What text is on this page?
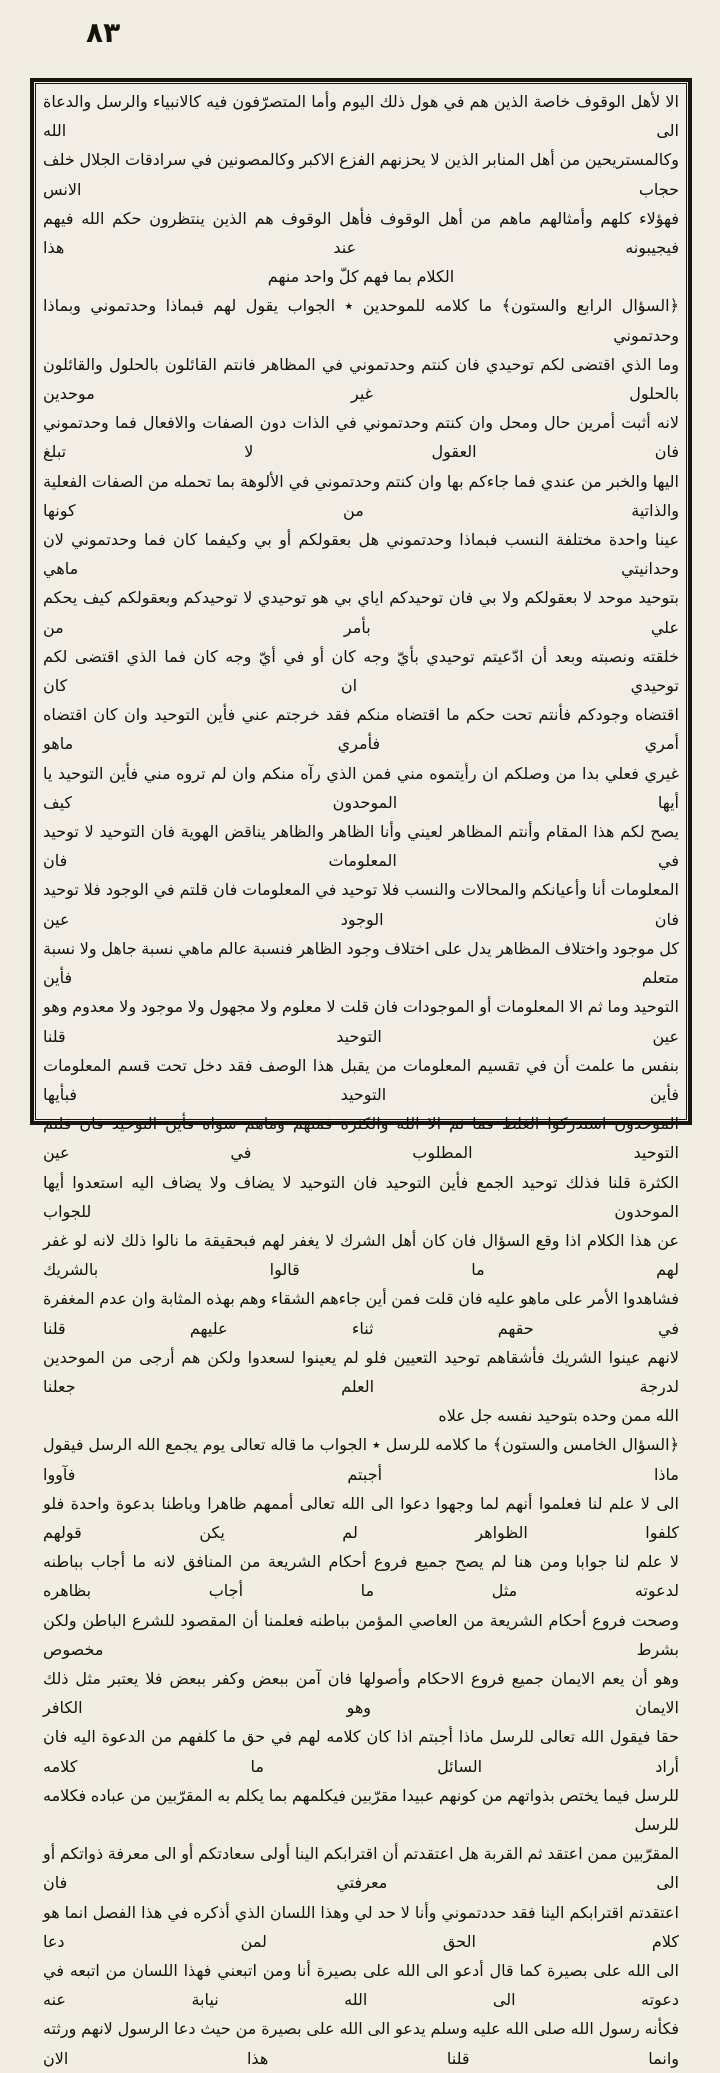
٨٣
الا لأهل الوقوف خاصة الذين هم في هول ذلك اليوم وأما المتصرّفون فيه كالانبياء والرسل والدعاة الى الله
وكالمستريحين من أهل المنابر الذين لا يحزنهم الفزع الاكبر وكالمصونين في سرادقات الجلال خلف حجاب الانس
فهؤلاء كلهم وأمثالهم ماهم من أهل الوقوف فأهل الوقوف هم الذين ينتظرون حكم الله فيهم فيجيبونه عند هذا
الكلام بما فهم كلّ واحد منهم
﴿السؤال الرابع والستون﴾ ما كلامه للموحدين ٭ الجواب يقول لهم فبماذا وحدتموني وبماذا وحدتموني
وما الذي اقتضى لكم توحيدي فان كنتم وحدتموني في المظاهر فانتم القائلون بالحلول والقائلون بالحلول غير موحدين
لانه أثبت أمرين حال ومحل وان كنتم وحدتموني في الذات دون الصفات والافعال فما وحدتموني فان العقول لا تبلغ
اليها والخبر من عندي فما جاءكم بها وان كنتم وحدتموني في الألوهة بما تحمله من الصفات الفعلية والذاتية من كونها
عينا واحدة مختلفة النسب فبماذا وحدتموني هل بعقولكم أو بي وكيفما كان فما وحدتموني لان وحدانيتي ماهي
بتوحيد موحد لا بعقولكم ولا بي فان توحيدكم اياي بي هو توحيدي لا توحيدكم وبعقولكم كيف يحكم علي بأمر من
خلقته ونصبته وبعد أن ادّعيتم توحيدي بأيّ وجه كان أو في أيّ وجه كان فما الذي اقتضى لكم توحيدي ان كان
اقتضاه وجودكم فأنتم تحت حكم ما اقتضاه منكم فقد خرجتم عني فأين التوحيد وان كان اقتضاه أمري فأمري ماهو
غيري فعلي بدا من وصلكم ان رأيتموه مني فمن الذي رآه منكم وان لم تروه مني فأين التوحيد يا أيها الموحدون كيف
يصح لكم هذا المقام وأنتم المظاهر لعيني وأنا الظاهر والظاهر يناقض الهوية فان التوحيد لا توحيد في المعلومات فان
المعلومات أنا وأعيانكم والمحالات والنسب فلا توحيد في المعلومات فان قلتم في الوجود فلا توحيد فان الوجود عين
كل موجود واختلاف المظاهر يدل على اختلاف وجود الظاهر فنسبة عالم ماهي نسبة جاهل ولا نسبة متعلم فأين
التوحيد وما ثم الا المعلومات أو الموجودات فان قلت لا معلوم ولا مجهول ولا موجود ولا معدوم وهو عين التوحيد قلنا
بنفس ما علمت أن في تقسيم المعلومات من يقبل هذا الوصف فقد دخل تحت قسم المعلومات فأين التوحيد فبأيها
الموحدون استدركوا الغلط فما ثم الا الله والكثرة فمنهم وماهم سواه فأين التوحيد فان قلتم التوحيد المطلوب في عين
الكثرة قلنا فذلك توحيد الجمع فأين التوحيد فان التوحيد لا يضاف ولا يضاف اليه استعدوا أيها الموحدون للجواب
عن هذا الكلام اذا وقع السؤال فان كان أهل الشرك لا يغفر لهم فبحقيقة ما نالوا ذلك لانه لو غفر لهم ما قالوا بالشريك
فشاهدوا الأمر على ماهو عليه فان قلت فمن أين جاءهم الشقاء وهم بهذه المثابة وان عدم المغفرة في حقهم ثناء عليهم قلنا
لانهم عينوا الشريك فأشقاهم توحيد التعيين فلو لم يعينوا لسعدوا ولكن هم أرجى من الموحدين لدرجة العلم جعلنا
الله ممن وحده بتوحيد نفسه جل علاه
﴿السؤال الخامس والستون﴾ ما كلامه للرسل ٭ الجواب ما قاله تعالى يوم يجمع الله الرسل فيقول ماذا أجبتم فآووا
الى لا علم لنا فعلموا أنهم لما وجهوا دعوا الى الله تعالى أممهم ظاهرا وباطنا بدعوة واحدة فلو كلفوا الظواهر لم يكن قولهم
لا علم لنا جوابا ومن هنا لم يصح جميع فروع أحكام الشريعة من المنافق لانه ما أجاب بباطنه لدعوته مثل ما أجاب بظاهره
وصحت فروع أحكام الشريعة من العاصي المؤمن بباطنه فعلمنا أن المقصود للشرع الباطن ولكن بشرط مخصوص
وهو أن يعم الايمان جميع فروع الاحكام وأصولها فان آمن ببعض وكفر ببعض فلا يعتبر مثل ذلك الايمان وهو الكافر
حقا فيقول الله تعالى للرسل ماذا أجبتم اذا كان كلامه لهم في حق ما كلفهم من الدعوة اليه فان أراد السائل ما كلامه
للرسل فيما يختص بذواتهم من كونهم عبيدا مقرّبين فيكلمهم بما يكلم به المقرّبين من عباده فكلامه للرسل
المقرّبين ممن اعتقد ثم القربة هل اعتقدتم أن اقترابكم الينا أولى سعادتكم أو الى معرفة ذواتكم أو الى معرفتي فان
اعتقدتم اقترابكم الينا فقد حددتموني وأنا لا حد لي وهذا اللسان الذي أذكره في هذا الفصل انما هو كلام الحق لمن دعا
الى الله على بصيرة كما قال أدعو الى الله على بصيرة أنا ومن اتبعني فهذا اللسان من اتبعه في دعوته الى الله نيابة عنه
فكأنه رسول الله صلى الله عليه وسلم يدعو الى الله على بصيرة من حيث دعا الرسول لانهم ورثته وانما قلنا هذا الان
